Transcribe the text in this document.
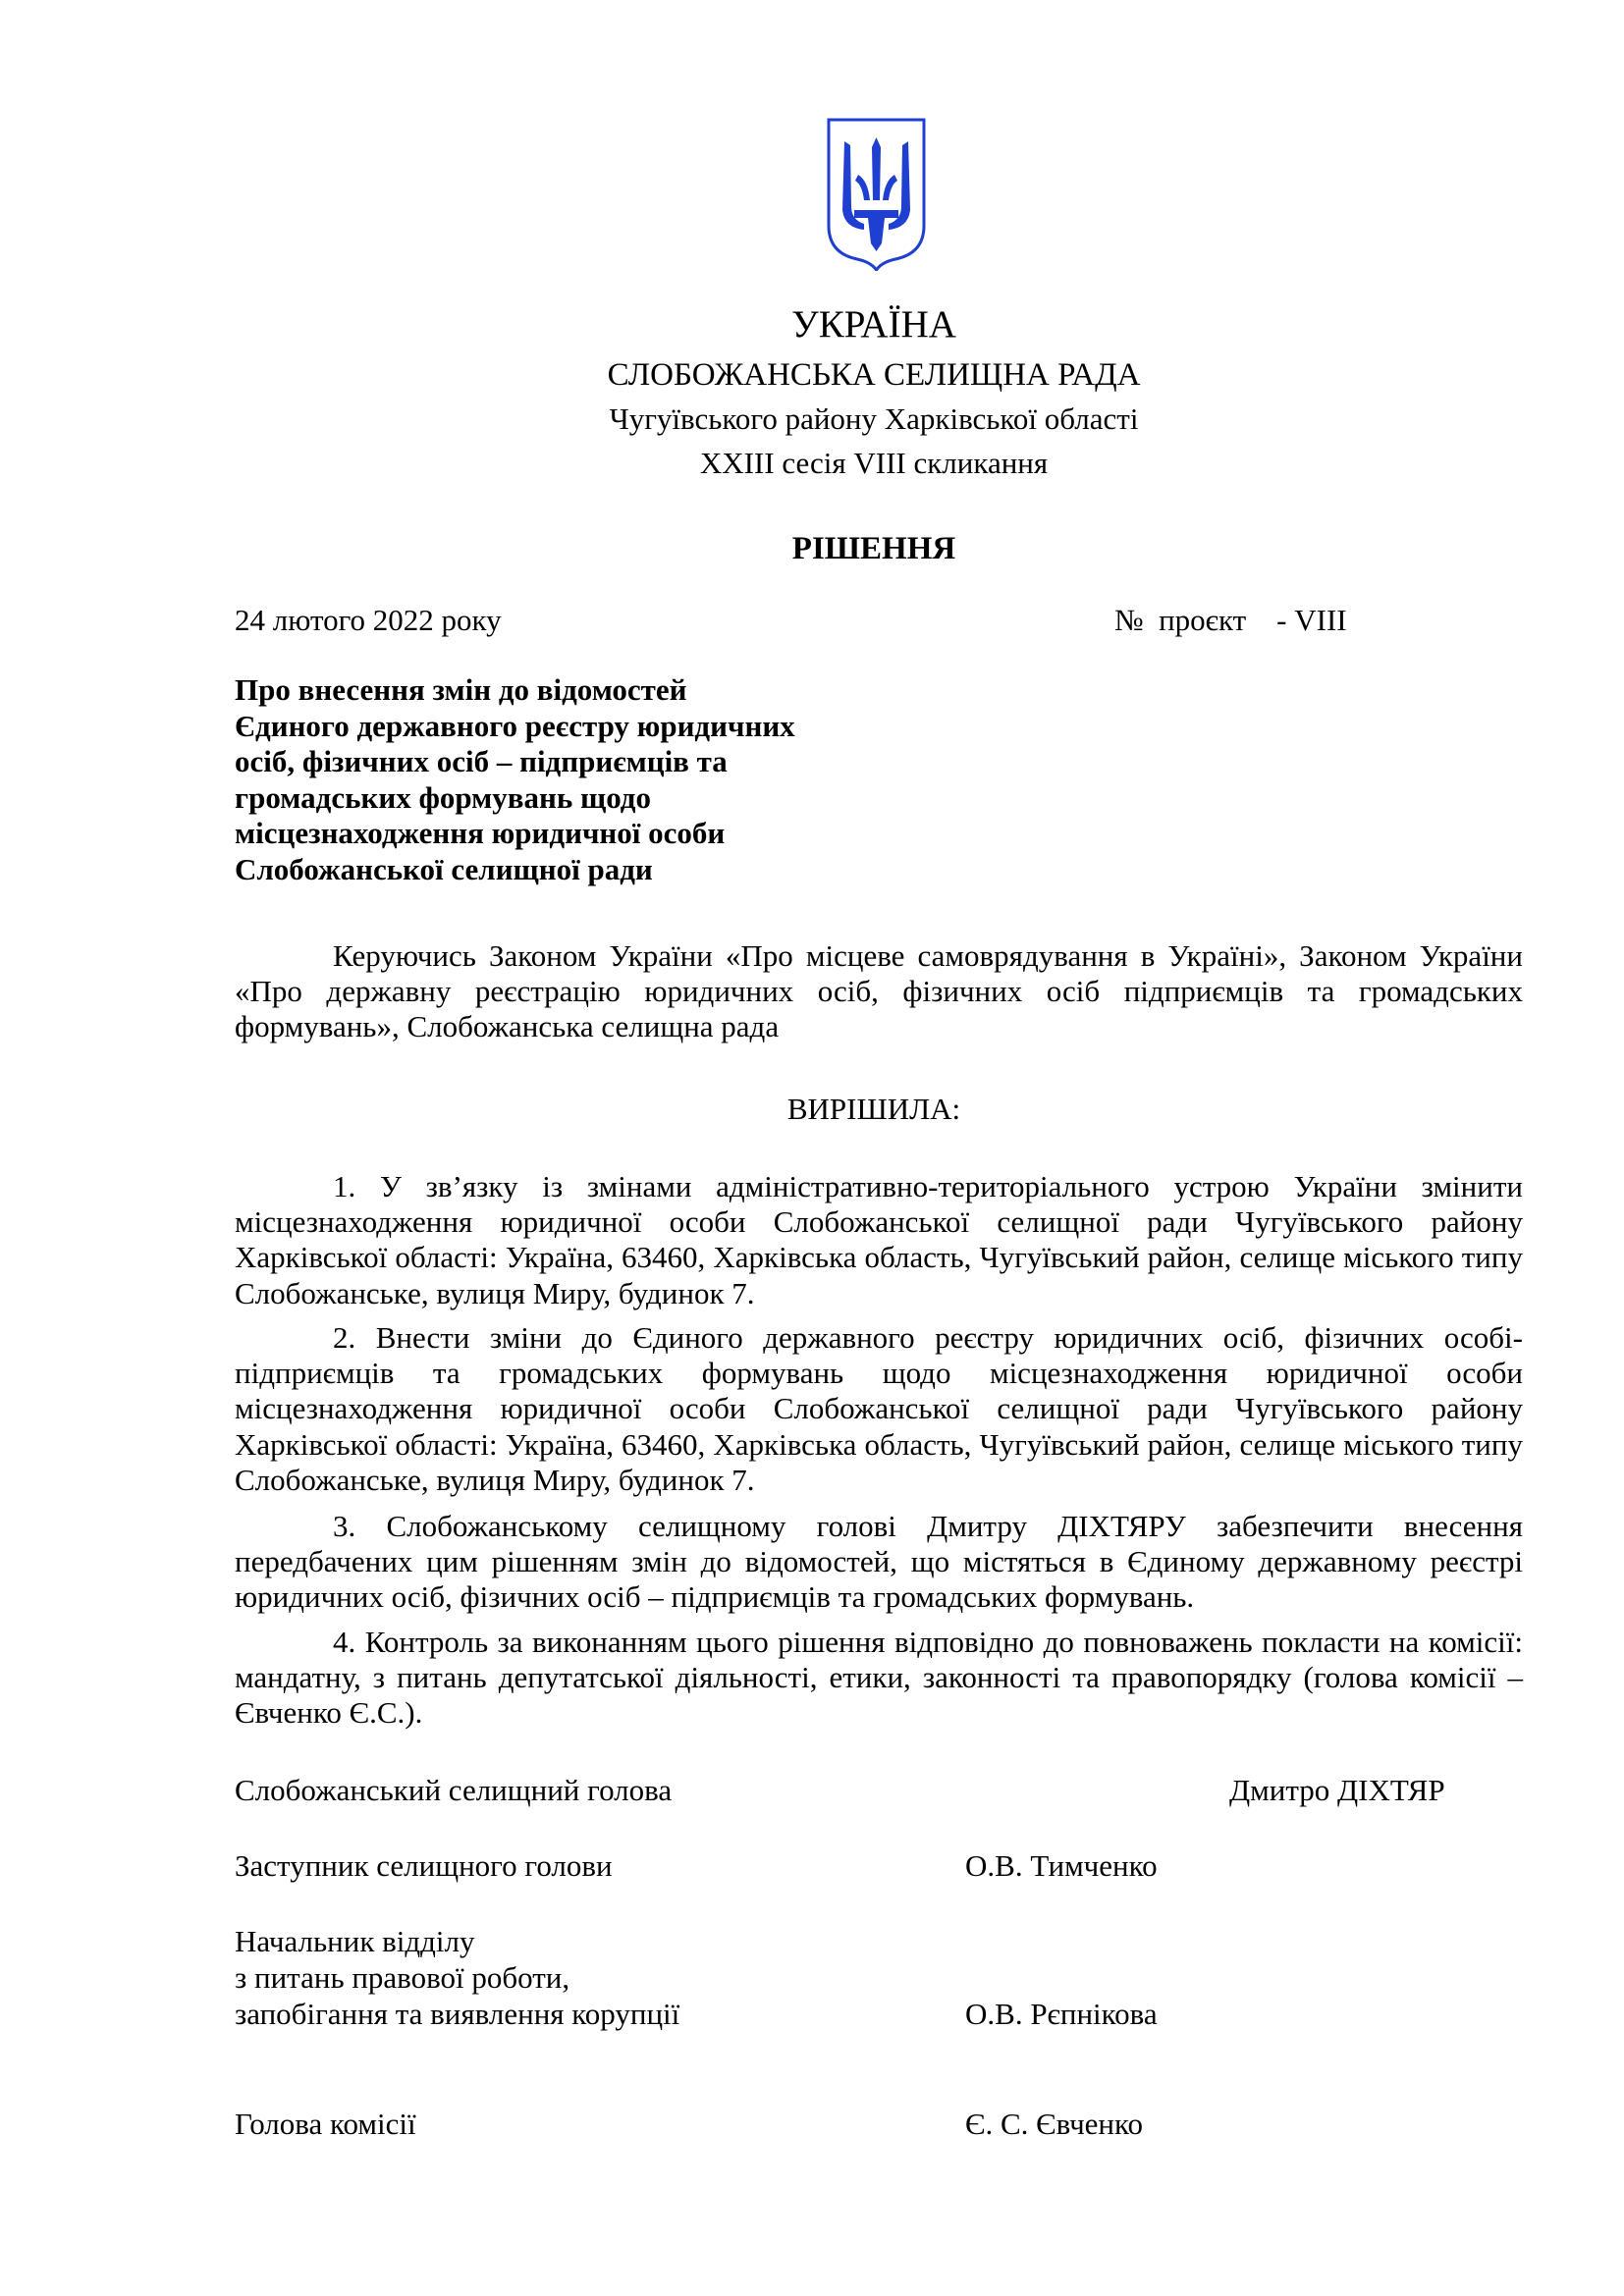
УКРАЇНА
СЛОБОЖАНСЬКА СЕЛИЩНА РАДА
Чугуївського району Харківської області
XXIII сесія VIII скликання
РІШЕННЯ
24 лютого 2022 року	№  проєкт    - VIII
Про внесення змін до відомостей
Єдиного державного реєстру юридичних
осіб, фізичних осіб – підприємців та
громадських формувань щодо
місцезнаходження юридичної особи
Слобожанської селищної ради

Керуючись Законом України «Про місцеве самоврядування в Україні», Законом України «Про державну реєстрацію юридичних осіб, фізичних осіб підприємців та громадських формувань», Слобожанська селищна рада

ВИРІШИЛА:

1. У зв’язку із змінами адміністративно-територіального устрою України змінити місцезнаходження юридичної особи Слобожанської селищної ради Чугуївського району Харківської області: Україна, 63460, Харківська область, Чугуївський район, селище міського типу Слобожанське, вулиця Миру, будинок 7.

2. Внести зміни до Єдиного державного реєстру юридичних осіб, фізичних особі-підприємців та громадських формувань щодо місцезнаходження юридичної особи місцезнаходження юридичної особи Слобожанської селищної ради Чугуївського району Харківської області: Україна, 63460, Харківська область, Чугуївський район, селище міського типу Слобожанське, вулиця Миру, будинок 7.

3. Слобожанському селищному голові Дмитру ДІХТЯРУ забезпечити внесення передбачених цим рішенням змін до відомостей, що містяться в Єдиному державному реєстрі юридичних осіб, фізичних осіб – підприємців та громадських формувань.

4. Контроль за виконанням цього рішення відповідно до повноважень покласти на комісії: мандатну, з питань депутатської діяльності, етики, законності та правопорядку (голова комісії – Євченко Є.С.).

Слобожанський селищний голова	Дмитро ДІХТЯР
Заступник селищного голови	О.В. Тимченко
Начальник відділу
з питань правової роботи,
запобігання та виявлення корупції	О.В. Рєпнікова
Голова комісії	Є. С. Євченко
